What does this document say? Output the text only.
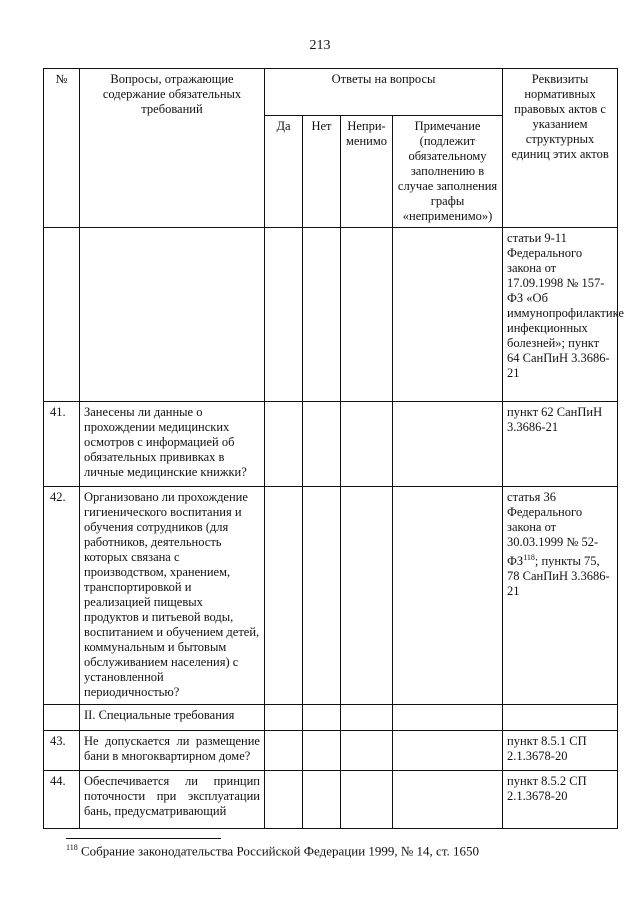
213
№	Вопросы, отражающие содержание обязательных требований	Ответы на вопросы				Реквизиты нормативных правовых актов с указанием структурных единиц этих актов
		Да	Нет	Непри-менимо	Примечание (подлежит обязательному заполнению в случае заполнения графы «неприменимо»)	
						статьи 9-11 Федерального закона от 17.09.1998 № 157-ФЗ «Об иммунопрофилактике инфекционных болезней»; пункт 64 СанПиН 3.3686-21
41.	Занесены ли данные о прохождении медицинских осмотров с информацией об обязательных прививках в личные медицинские книжки?					пункт 62 СанПиН 3.3686-21
42.	Организовано ли прохождение гигиенического воспитания и обучения сотрудников (для работников, деятельность которых связана с производством, хранением, транспортировкой и реализацией пищевых продуктов и питьевой воды, воспитанием и обучением детей, коммунальным и бытовым обслуживанием населения) с установленной периодичностью?					статья 36 Федерального закона от 30.03.1999 № 52-ФЗ$^{118}$; пункты 75, 78 СанПиН 3.3686-21
	II. Специальные требования					
43.	Не допускается ли размещение бани в многоквартирном доме?					пункт 8.5.1 СП 2.1.3678-20
44.	Обеспечивается ли принцип поточности при эксплуатации бань, предусматривающий					пункт 8.5.2 СП 2.1.3678-20
$^{118}$ Собрание законодательства Российской Федерации 1999, № 14, ст. 1650
